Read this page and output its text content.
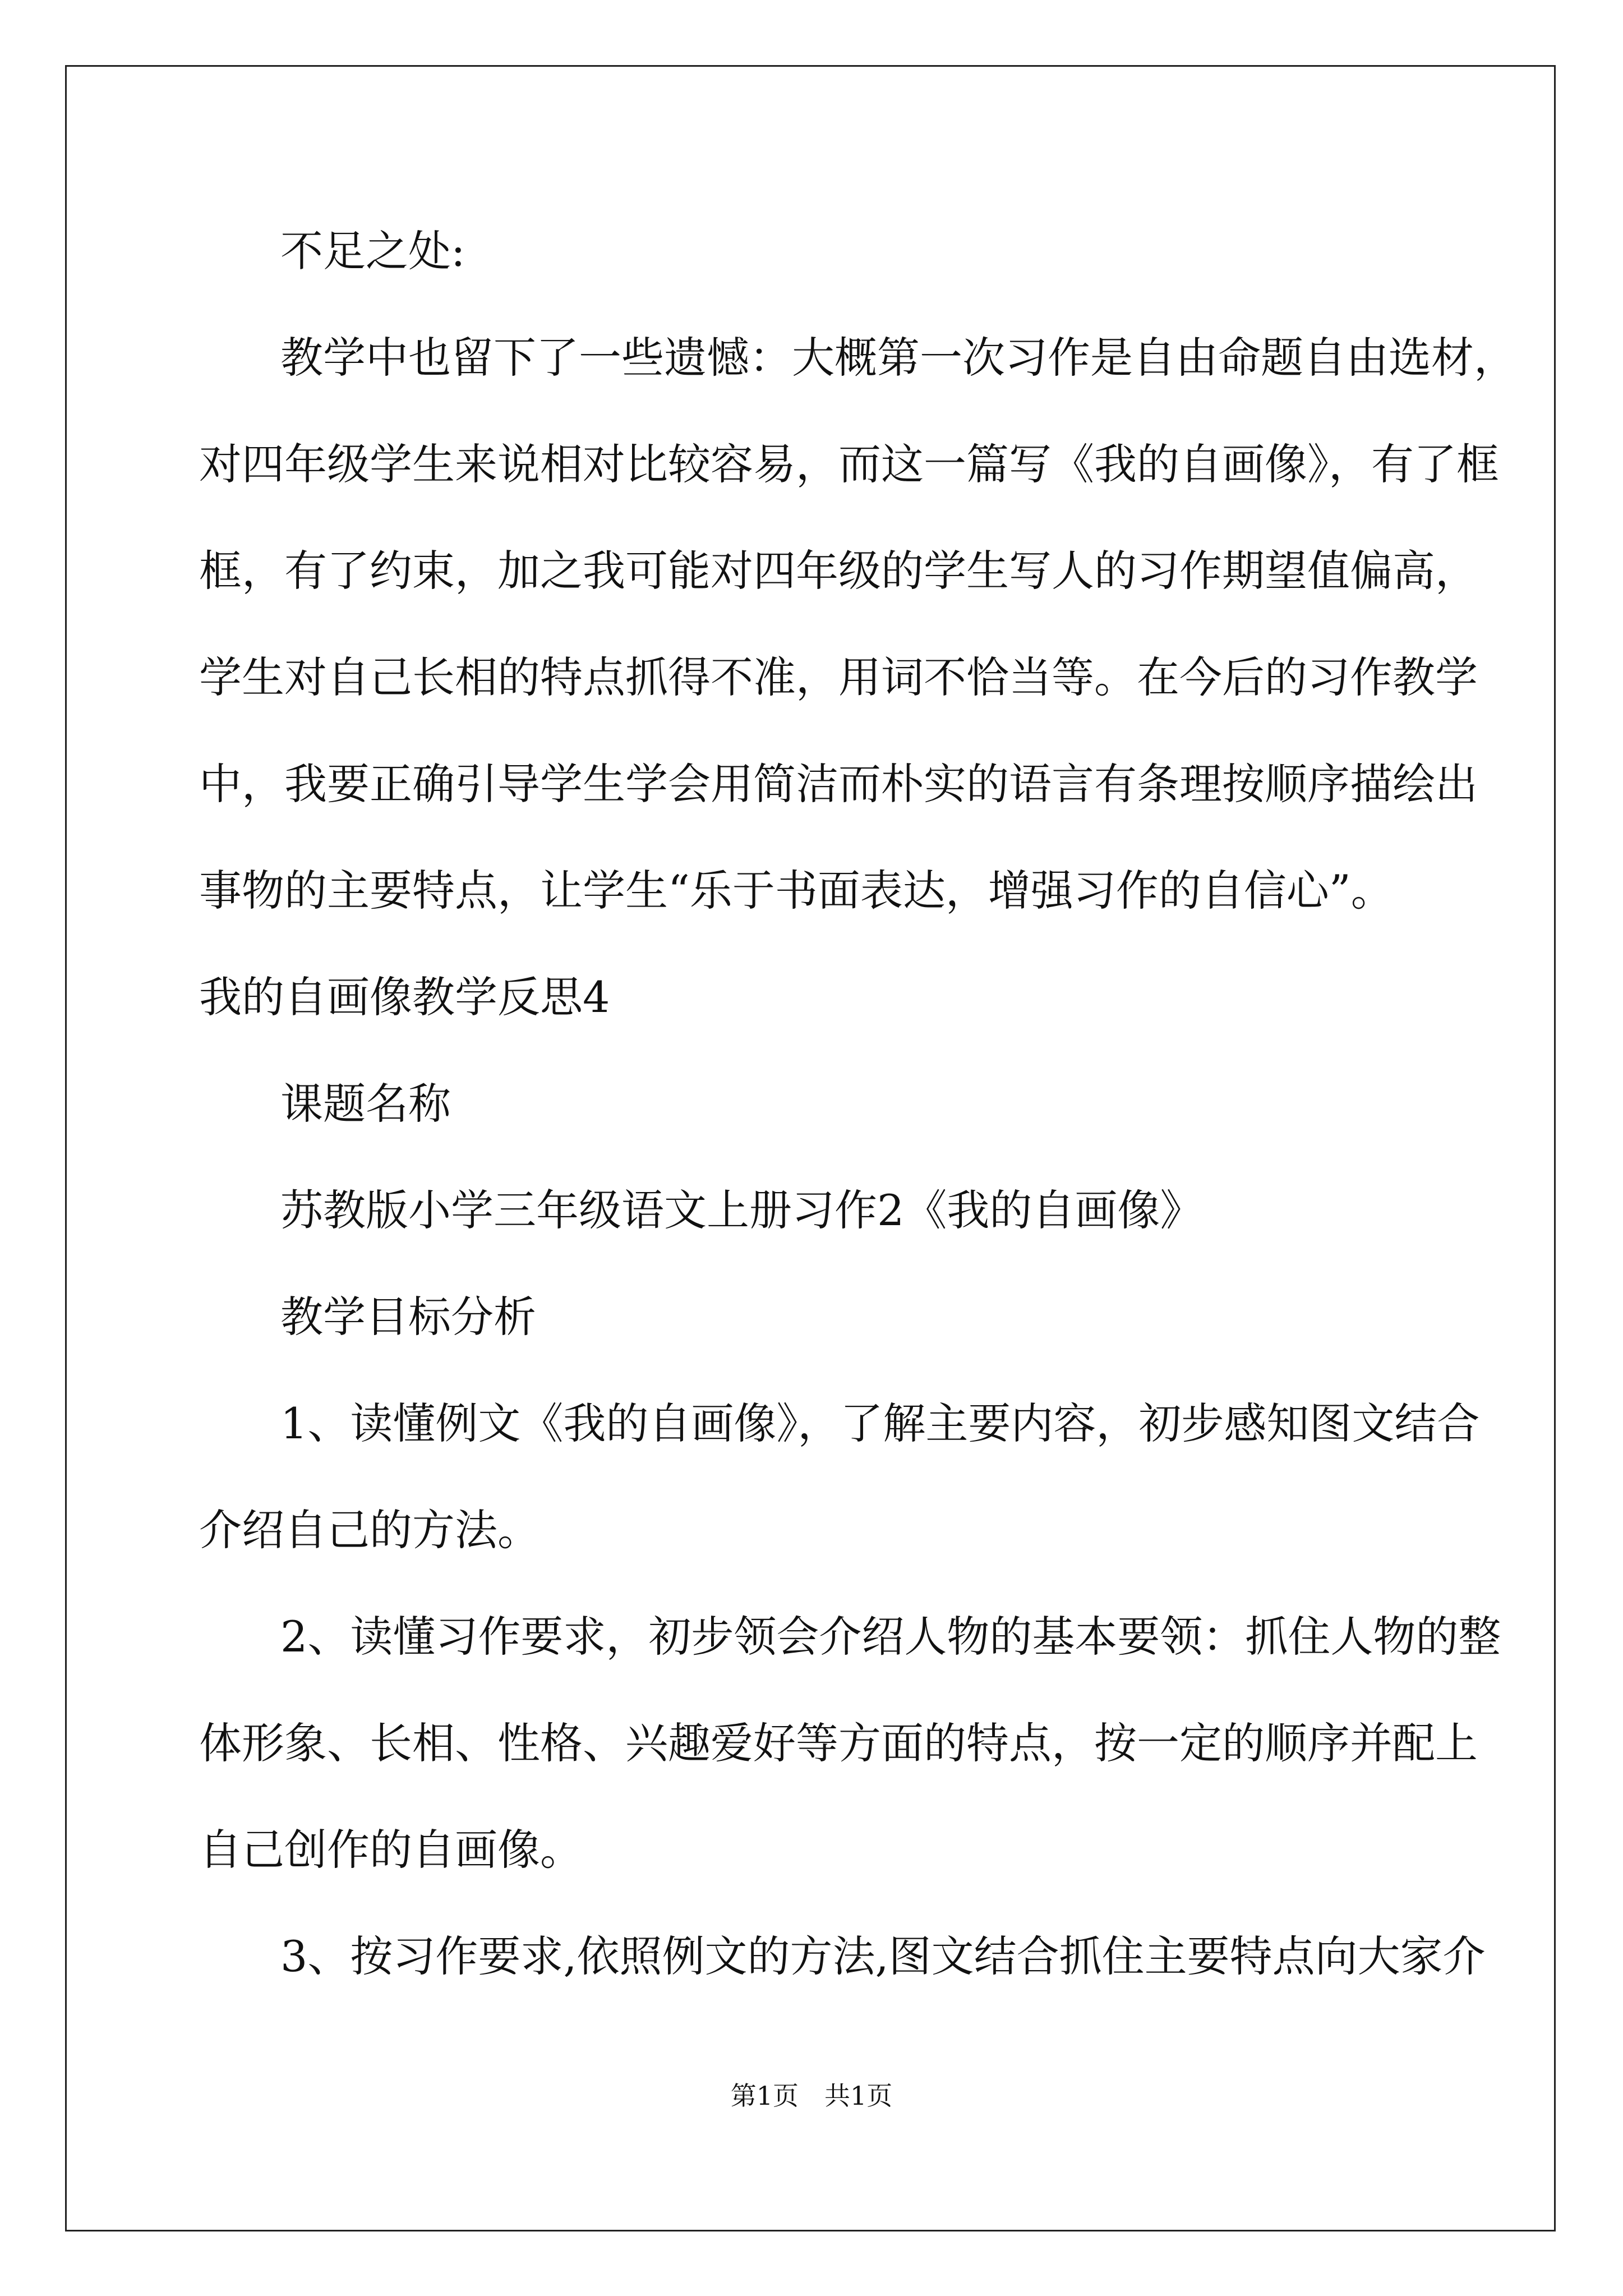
不足之处:

教学中也留下了一些遗憾：大概第一次习作是自由命题自由选材，

对四年级学生来说相对比较容易，而这一篇写《我的自画像》，有了框

框，有了约束，加之我可能对四年级的学生写人的习作期望值偏高，

学生对自己长相的特点抓得不准，用词不恰当等。在今后的习作教学

中，我要正确引导学生学会用简洁而朴实的语言有条理按顺序描绘出

事物的主要特点，让学生“乐于书面表达，增强习作的自信心”。

我的自画像教学反思4

课题名称

苏教版小学三年级语文上册习作2《我的自画像》

教学目标分析

1、读懂例文《我的自画像》，了解主要内容，初步感知图文结合

介绍自己的方法。

2、读懂习作要求，初步领会介绍人物的基本要领：抓住人物的整

体形象、长相、性格、兴趣爱好等方面的特点，按一定的顺序并配上

自己创作的自画像。

3、按习作要求,依照例文的方法,图文结合抓住主要特点向大家介

第1页　共1页
